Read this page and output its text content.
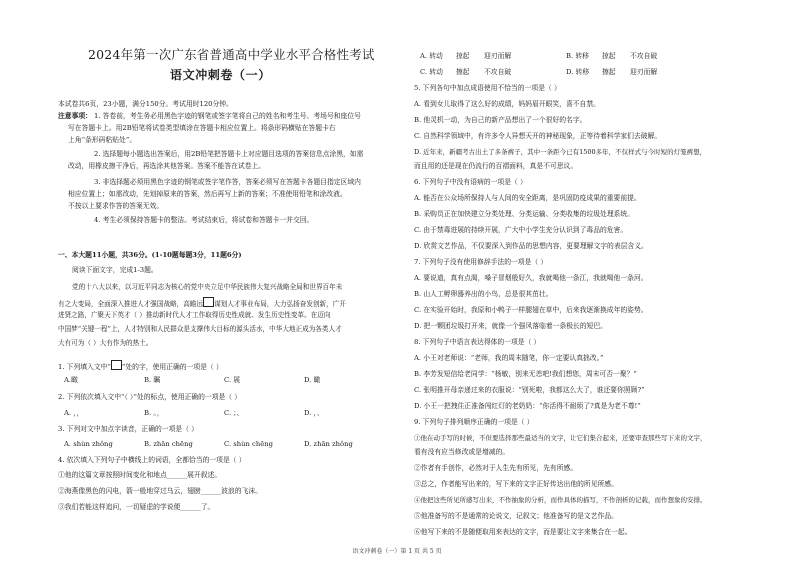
2024年第一次广东省普通高中学业水平合格性考试
语文冲刺卷（一）
本试卷共6页，23小题，满分150分。考试用时120分钟。
注意事项： 1. 答卷前，考生务必用黑色字迹的钢笔或签字笔将自己的姓名和考生号、考场号和座位号
写在答题卡上。用2B铅笔将试卷类型填涂在答题卡相应位置上。将条形码横贴在答题卡右
上角“条形码粘贴处”。
2. 选择题每小题选出答案后，用2B铅笔把答题卡上对应题目选项的答案信息点涂黑，如需
改动，用橡皮擦干净后，再选涂其他答案。答案不能答在试卷上。
3. 非选择题必须用黑色字迹的钢笔或签字笔作答，答案必须写在答题卡各题目指定区域内
相应位置上；如需改动，先划掉原来的答案，然后再写上新的答案；不准使用铅笔和涂改液。
不按以上要求作答的答案无效。
4. 考生必须保持答题卡的整洁。考试结束后，将试卷和答题卡一并交回。
一、本大题11小题，共36分。(1-10题每题3分，11题6分)
阅读下面文字，完成1-3题。
党的十八大以来，以习近平同志为核心的党中央立足中华民族伟大复兴战略全局和世界百年未
有之大变局，全面深入推进人才强国战略，高瞻远 谋划人才事业布局，大力弘扬奋发创新，广开
进贤之路，广聚天下英才（ ）推动新时代人才工作取得历史性成就、发生历史性变革。在迈向
中国梦“关键一程”上，人才特别和人民群众是支撑伟大目标的源头活水，中华大地正成为各类人才
大有可为（ ）大有作为的热土。
1. 下列填入文中“ ”处的字，使用正确的一项是（ ）
A.瞰	B. 瞩	C. 展	D. 瞰
2. 下列依次填入文中“（ ）”处的标点，使用正确的一项是（ ）
A. ，，	B. 。，	C. ；、	D. ，、
3. 下列对文中加点字读音，正确的一项是（ ）
A. shùn zhǒng	B. zhān chēng	C. shùn chēng	D. zhān zhǒng
4. 依次填入下列句子中横线上的词语，全都恰当的一项是（ ）
①他的这篇文章按照时间变化和地点______展开叙述。
②海燕像黑色的闪电，箭一般地穿过乌云，翅膀______波浪的飞沫。
③我们若能这样追问，一切疑虑的学说便______了。
A. 转动 掠起 迎刃而解	B. 转移 掠起 不攻自破
C. 转动 擦起 不攻自破	D. 转移 擦起 迎刃而解
5. 下列各句中加点成语使用不恰当的一项是（ ）
A. 看到女儿取得了这么好的成绩，妈妈眉开眼笑，喜不自禁。
B. 他灵机一动，为自己的新产品想出了一个很好的名字。
C. 自然科学领域中，有许多令人异想天开的神秘现象，正等待着科学家们去破解。
D. 近年来，新疆考古出土了多条裤子，其中一条距今已有1500多年，不仅样式与今时短的灯笼裤想，
而且用的还是现在仍流行的百褶面料，真是不可思议。
6. 下列句子中没有语病的一项是（ ）
A. 能否在公众场所保持人与人间的安全距离，是巩固防疫成果的重要前提。
B. 采购员正在加快建立分类处理、分类运输、分类收集的垃圾处理系统。
C. 由于禁毒进展的持续开展，广大中小学生充分认识到了毒品的危害。
D. 欣赏文艺作品，不仅要深入到作品的思想内容，更要理解文字的表层含义。
7. 下列句子没有使用修辞手法的一项是（ ）
A. 要说道，真有点渴，嗓子冒烟般好久，我就喝他一条江，我就喝他一条河。
B. 山人工孵卵器养出的小鸟，总是很其茁壮。
C. 在实验开始时，我原和小鸭子一样腿翅在草中，后来我逐渐换成年的姿势。
D. 把一颗团垃圾打开来，就像一个强风落临着一条极长的短巴。
8. 下列句子中语言表达得体的一项是（ ）
A. 小王对老师说：“老师，我的周末随笔，你一定要认真拙改。”
B. 李芳发短信给老同学：“杨敏，别来无恙吧!我们想您，周末可否一聚？”
C. 张明推开母亲递过来的衣服说：“别死啦，我都这么大了，谁还要你照顾?”
D. 小王一把拽住正准备闯红灯的老奶奶：“你活得不耐烦了?真是为老不尊!”
9. 下列句子排列顺序正确的一项是（ ）
①他在动手写的时候，不但要选择那些最适当的文字，让它们集合起来，还要审查那些写下来的文字，
看有没有应当修改或是增减的。
②作者有手创作，必然对于人生先有所见，先有所感。
③总之，作者能写出来的，写下来的文字正好传达出他的所见所感。
④他把这些所见所感写出来，不作抽象的分析，而作具体的描写，不作剖析的记载，而作想象的安排。
⑤他准备写的不是通常的论说文，记叙文；他准备写的是文艺作品。
⑥他写下来的不是随便取用来表达的文字，而是要让文字来集合在一起。
语文冲刺卷（一）第 1 页 共 5 页
